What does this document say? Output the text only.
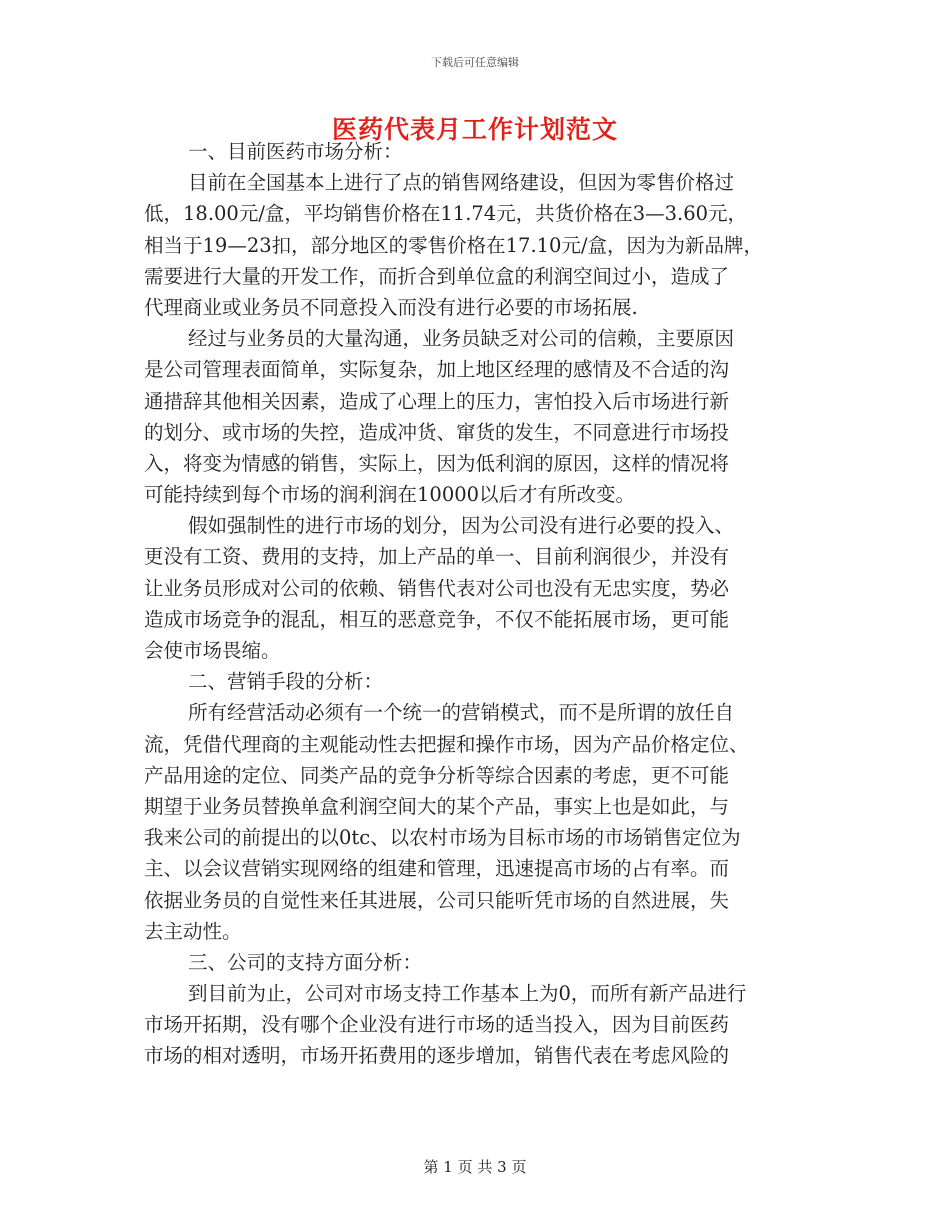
下载后可任意编辑
医药代表月工作计划范文
一、目前医药市场分析：
目前在全国基本上进行了点的销售网络建设，但因为零售价格过
低，18.00元/盒，平均销售价格在11.74元，共货价格在3—3.60元，
相当于19—23扣，部分地区的零售价格在17.10元/盒，因为为新品牌，
需要进行大量的开发工作，而折合到单位盒的利润空间过小，造成了
代理商业或业务员不同意投入而没有进行必要的市场拓展.
经过与业务员的大量沟通，业务员缺乏对公司的信赖，主要原因
是公司管理表面简单，实际复杂，加上地区经理的感情及不合适的沟
通措辞其他相关因素，造成了心理上的压力，害怕投入后市场进行新
的划分、或市场的失控，造成冲货、窜货的发生，不同意进行市场投
入，将变为情感的销售，实际上，因为低利润的原因，这样的情况将
可能持续到每个市场的润利润在10000以后才有所改变。
假如强制性的进行市场的划分，因为公司没有进行必要的投入、
更没有工资、费用的支持，加上产品的单一、目前利润很少，并没有
让业务员形成对公司的依赖、销售代表对公司也没有无忠实度，势必
造成市场竞争的混乱，相互的恶意竞争，不仅不能拓展市场，更可能
会使市场畏缩。
二、营销手段的分析：
所有经营活动必须有一个统一的营销模式，而不是所谓的放任自
流，凭借代理商的主观能动性去把握和操作市场，因为产品价格定位、
产品用途的定位、同类产品的竞争分析等综合因素的考虑，更不可能
期望于业务员替换单盒利润空间大的某个产品，事实上也是如此，与
我来公司的前提出的以0tc、以农村市场为目标市场的市场销售定位为
主、以会议营销实现网络的组建和管理，迅速提高市场的占有率。而
依据业务员的自觉性来任其进展，公司只能听凭市场的自然进展，失
去主动性。
三、公司的支持方面分析：
到目前为止，公司对市场支持工作基本上为0，而所有新产品进行
市场开拓期，没有哪个企业没有进行市场的适当投入，因为目前医药
市场的相对透明，市场开拓费用的逐步增加，销售代表在考虑风险的
第 1 页 共 3 页
